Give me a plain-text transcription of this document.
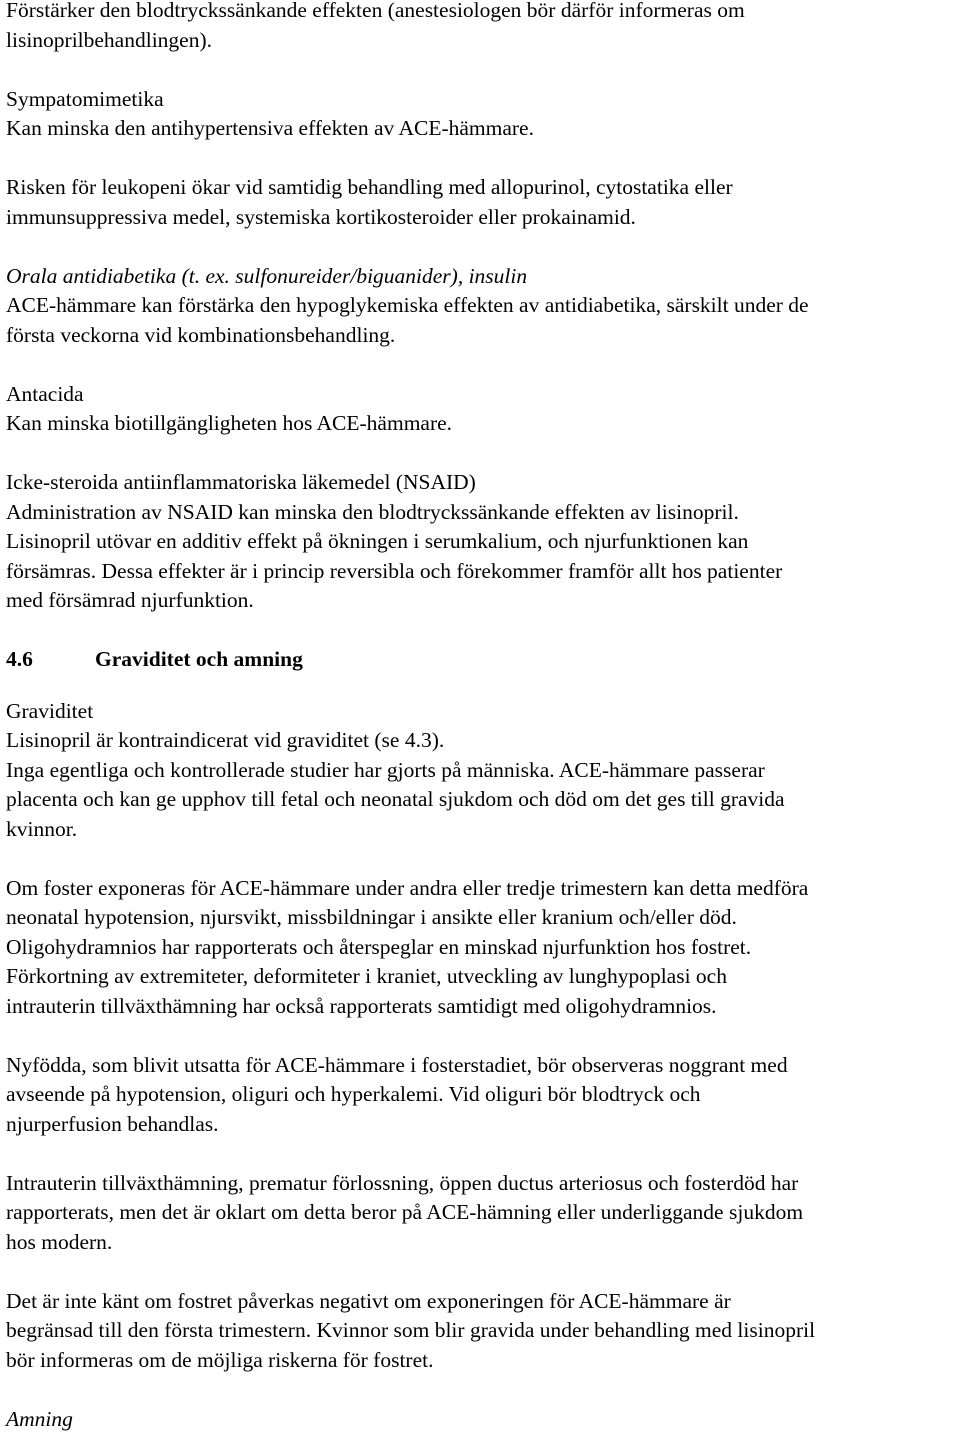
Förstärker den blodtryckssänkande effekten (anestesiologen bör därför informeras om
lisinoprilbehandlingen).
Sympatomimetika
Kan minska den antihypertensiva effekten av ACE-hämmare.
Risken för leukopeni ökar vid samtidig behandling med allopurinol, cytostatika eller
immunsuppressiva medel, systemiska kortikosteroider eller prokainamid.
Orala antidiabetika (t. ex. sulfonureider/biguanider), insulin
ACE-hämmare kan förstärka den hypoglykemiska effekten av antidiabetika, särskilt under de
första veckorna vid kombinationsbehandling.
Antacida
Kan minska biotillgängligheten hos ACE-hämmare.
Icke-steroida antiinflammatoriska läkemedel (NSAID)
Administration av NSAID kan minska den blodtryckssänkande effekten av lisinopril.
Lisinopril utövar en additiv effekt på ökningen i serumkalium, och njurfunktionen kan
försämras. Dessa effekter är i princip reversibla och förekommer framför allt hos patienter
med försämrad njurfunktion.
4.6	Graviditet och amning
Graviditet
Lisinopril är kontraindicerat vid graviditet (se 4.3).
Inga egentliga och kontrollerade studier har gjorts på människa. ACE-hämmare passerar
placenta och kan ge upphov till fetal och neonatal sjukdom och död om det ges till gravida
kvinnor.
Om foster exponeras för ACE-hämmare under andra eller tredje trimestern kan detta medföra
neonatal hypotension, njursvikt, missbildningar i ansikte eller kranium och/eller död.
Oligohydramnios har rapporterats och återspeglar en minskad njurfunktion hos fostret.
Förkortning av extremiteter, deformiteter i kraniet, utveckling av lunghypoplasi och
intrauterin tillväxthämning har också rapporterats samtidigt med oligohydramnios.
Nyfödda, som blivit utsatta för ACE-hämmare i fosterstadiet, bör observeras noggrant med
avseende på hypotension, oliguri och hyperkalemi. Vid oliguri bör blodtryck och
njurperfusion behandlas.
Intrauterin tillväxthämning, prematur förlossning, öppen ductus arteriosus och fosterdöd har
rapporterats, men det är oklart om detta beror på ACE-hämning eller underliggande sjukdom
hos modern.
Det är inte känt om fostret påverkas negativt om exponeringen för ACE-hämmare är
begränsad till den första trimestern. Kvinnor som blir gravida under behandling med lisinopril
bör informeras om de möjliga riskerna för fostret.
Amning
